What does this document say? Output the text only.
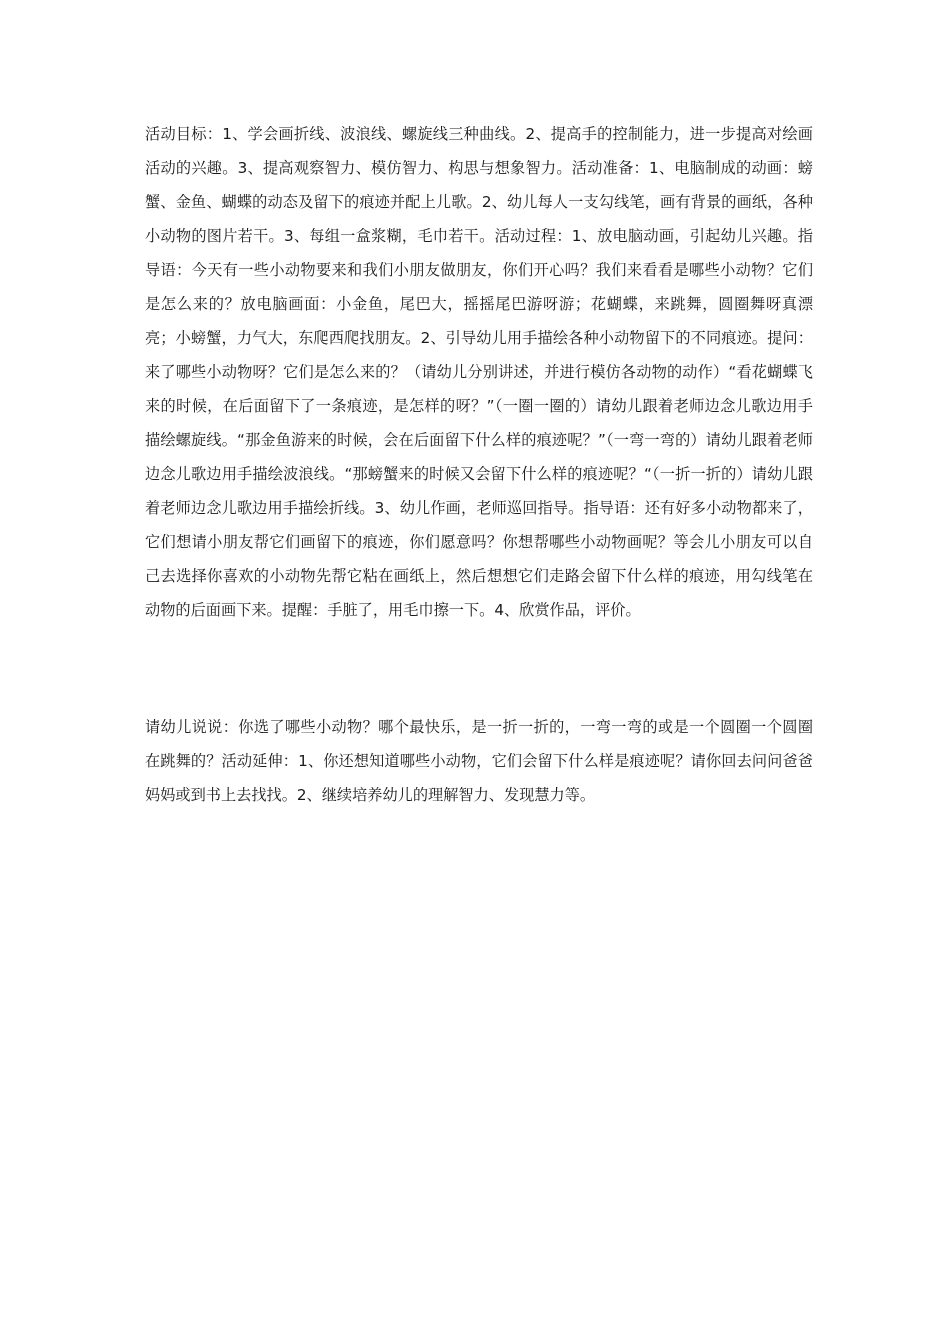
活动目标：1、学会画折线、波浪线、螺旋线三种曲线。2、提高手的控制能力，进一步提高对绘画活动的兴趣。3、提高观察智力、模仿智力、构思与想象智力。活动准备：1、电脑制成的动画：螃蟹、金鱼、蝴蝶的动态及留下的痕迹并配上儿歌。2、幼儿每人一支勾线笔，画有背景的画纸，各种小动物的图片若干。3、每组一盒浆糊，毛巾若干。活动过程：1、放电脑动画，引起幼儿兴趣。指导语：今天有一些小动物要来和我们小朋友做朋友，你们开心吗？我们来看看是哪些小动物？它们是怎么来的？放电脑画面：小金鱼，尾巴大，摇摇尾巴游呀游；花蝴蝶，来跳舞，圆圈舞呀真漂亮；小螃蟹，力气大，东爬西爬找朋友。2、引导幼儿用手描绘各种小动物留下的不同痕迹。提问：来了哪些小动物呀？它们是怎么来的？（请幼儿分别讲述，并进行模仿各动物的动作）“看花蝴蝶飞来的时候，在后面留下了一条痕迹，是怎样的呀？”（一圈一圈的）请幼儿跟着老师边念儿歌边用手描绘螺旋线。“那金鱼游来的时候，会在后面留下什么样的痕迹呢？”（一弯一弯的）请幼儿跟着老师边念儿歌边用手描绘波浪线。“那螃蟹来的时候又会留下什么样的痕迹呢？“（一折一折的）请幼儿跟着老师边念儿歌边用手描绘折线。3、幼儿作画，老师巡回指导。指导语：还有好多小动物都来了，它们想请小朋友帮它们画留下的痕迹，你们愿意吗？你想帮哪些小动物画呢？等会儿小朋友可以自己去选择你喜欢的小动物先帮它粘在画纸上，然后想想它们走路会留下什么样的痕迹，用勾线笔在动物的后面画下来。提醒：手脏了，用毛巾擦一下。4、欣赏作品，评价。

请幼儿说说：你选了哪些小动物？哪个最快乐，是一折一折的，一弯一弯的或是一个圆圈一个圆圈在跳舞的？活动延伸：1、你还想知道哪些小动物，它们会留下什么样是痕迹呢？请你回去问问爸爸妈妈或到书上去找找。2、继续培养幼儿的理解智力、发现慧力等。
